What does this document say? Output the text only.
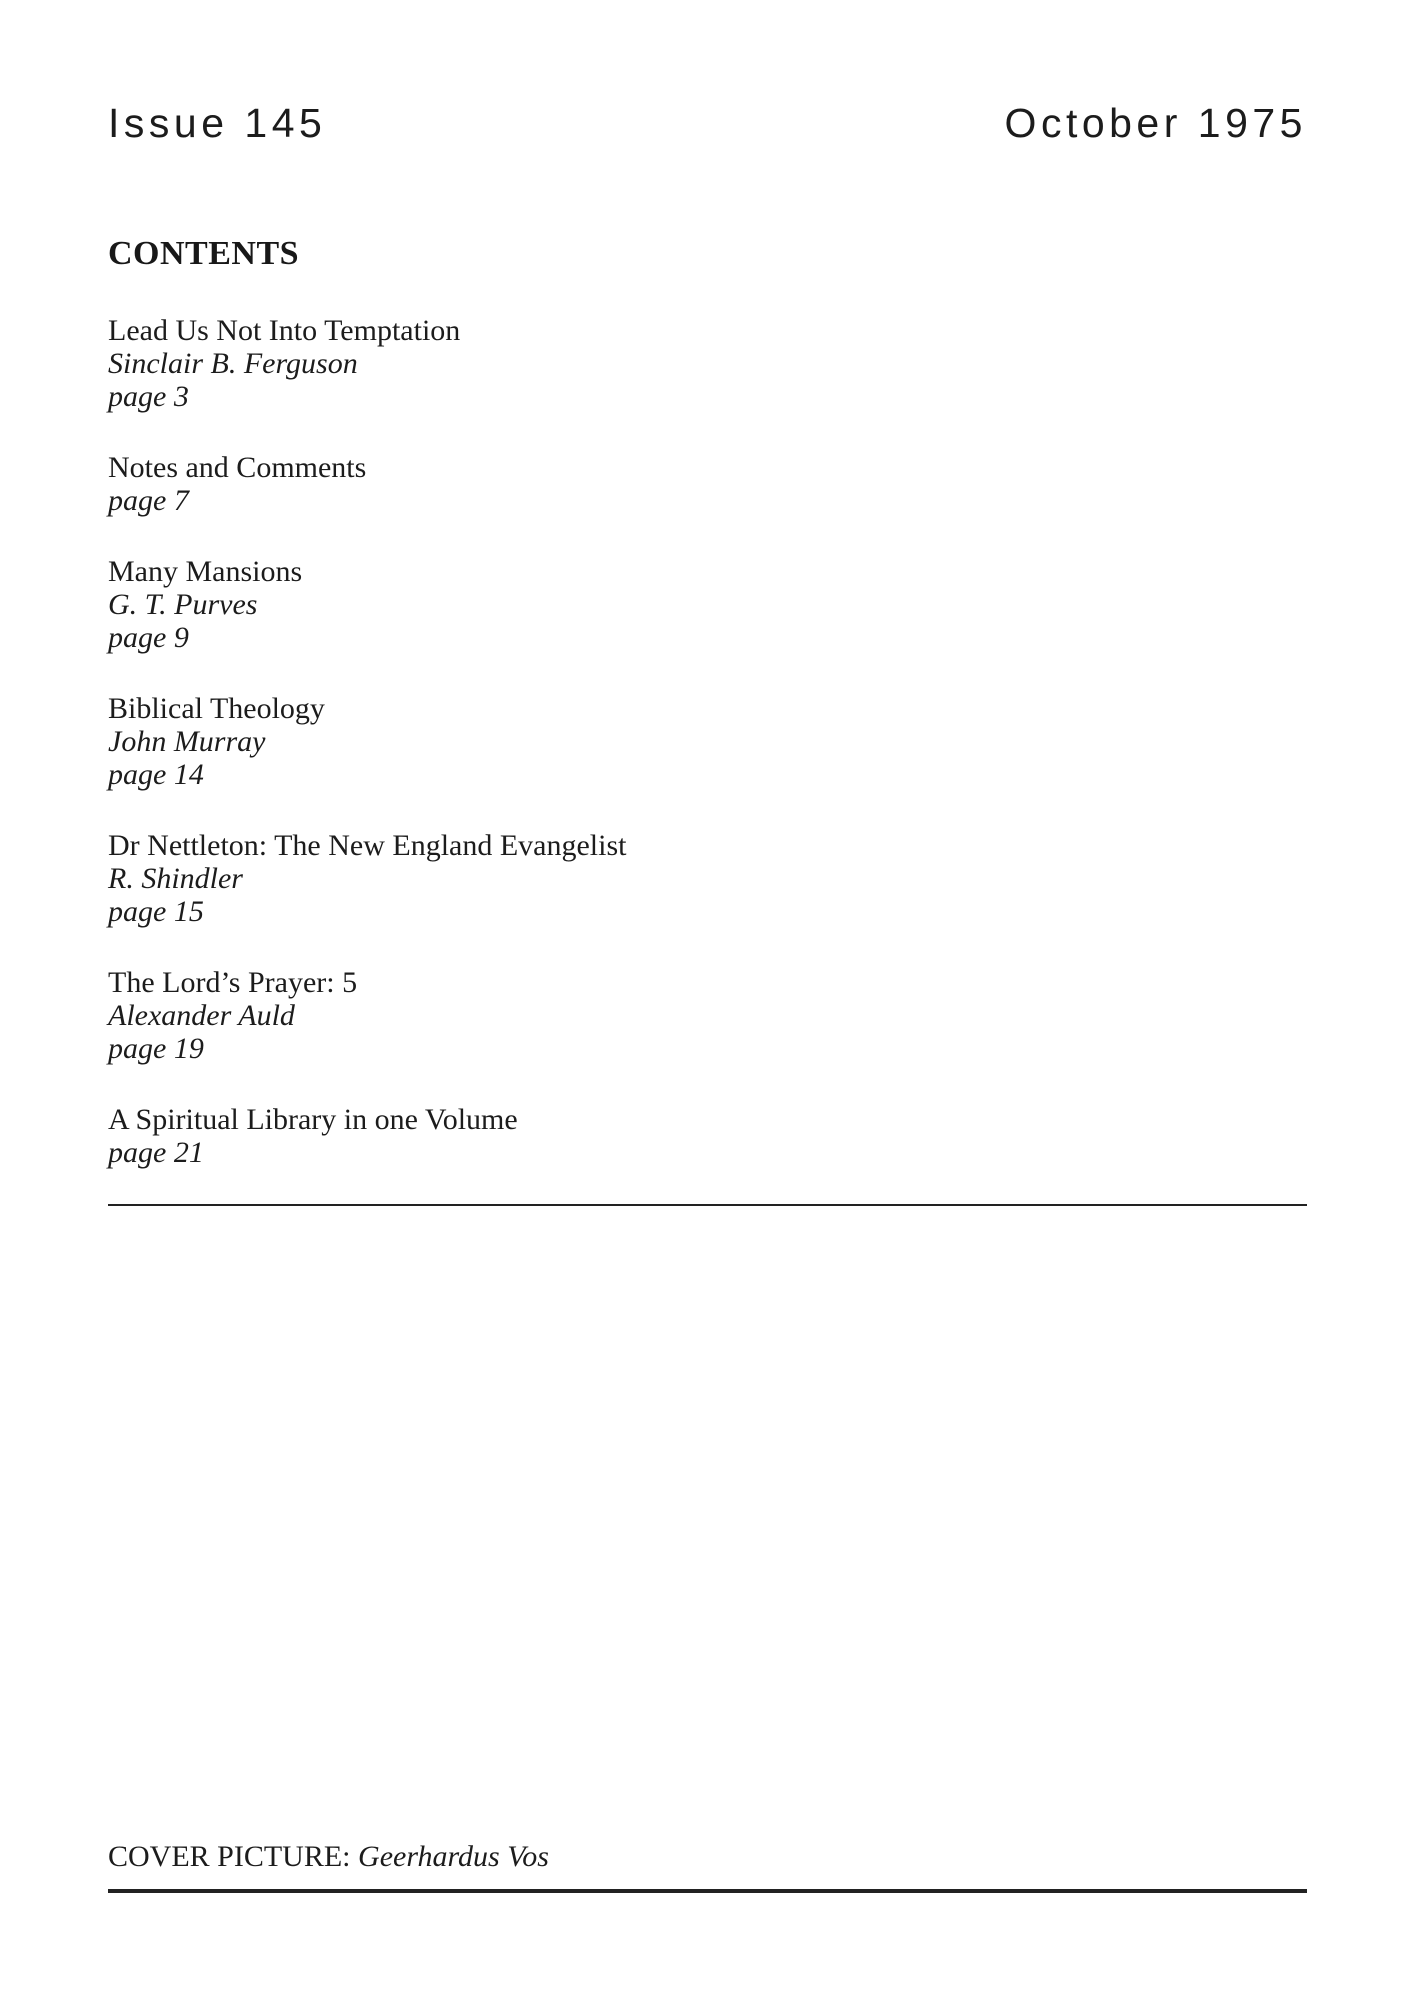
Issue 145	October 1975
CONTENTS
Lead Us Not Into Temptation
Sinclair B. Ferguson
page 3
Notes and Comments
page 7
Many Mansions
G. T. Purves
page 9
Biblical Theology
John Murray
page 14
Dr Nettleton: The New England Evangelist
R. Shindler
page 15
The Lord’s Prayer: 5
Alexander Auld
page 19
A Spiritual Library in one Volume
page 21
COVER PICTURE: Geerhardus Vos
